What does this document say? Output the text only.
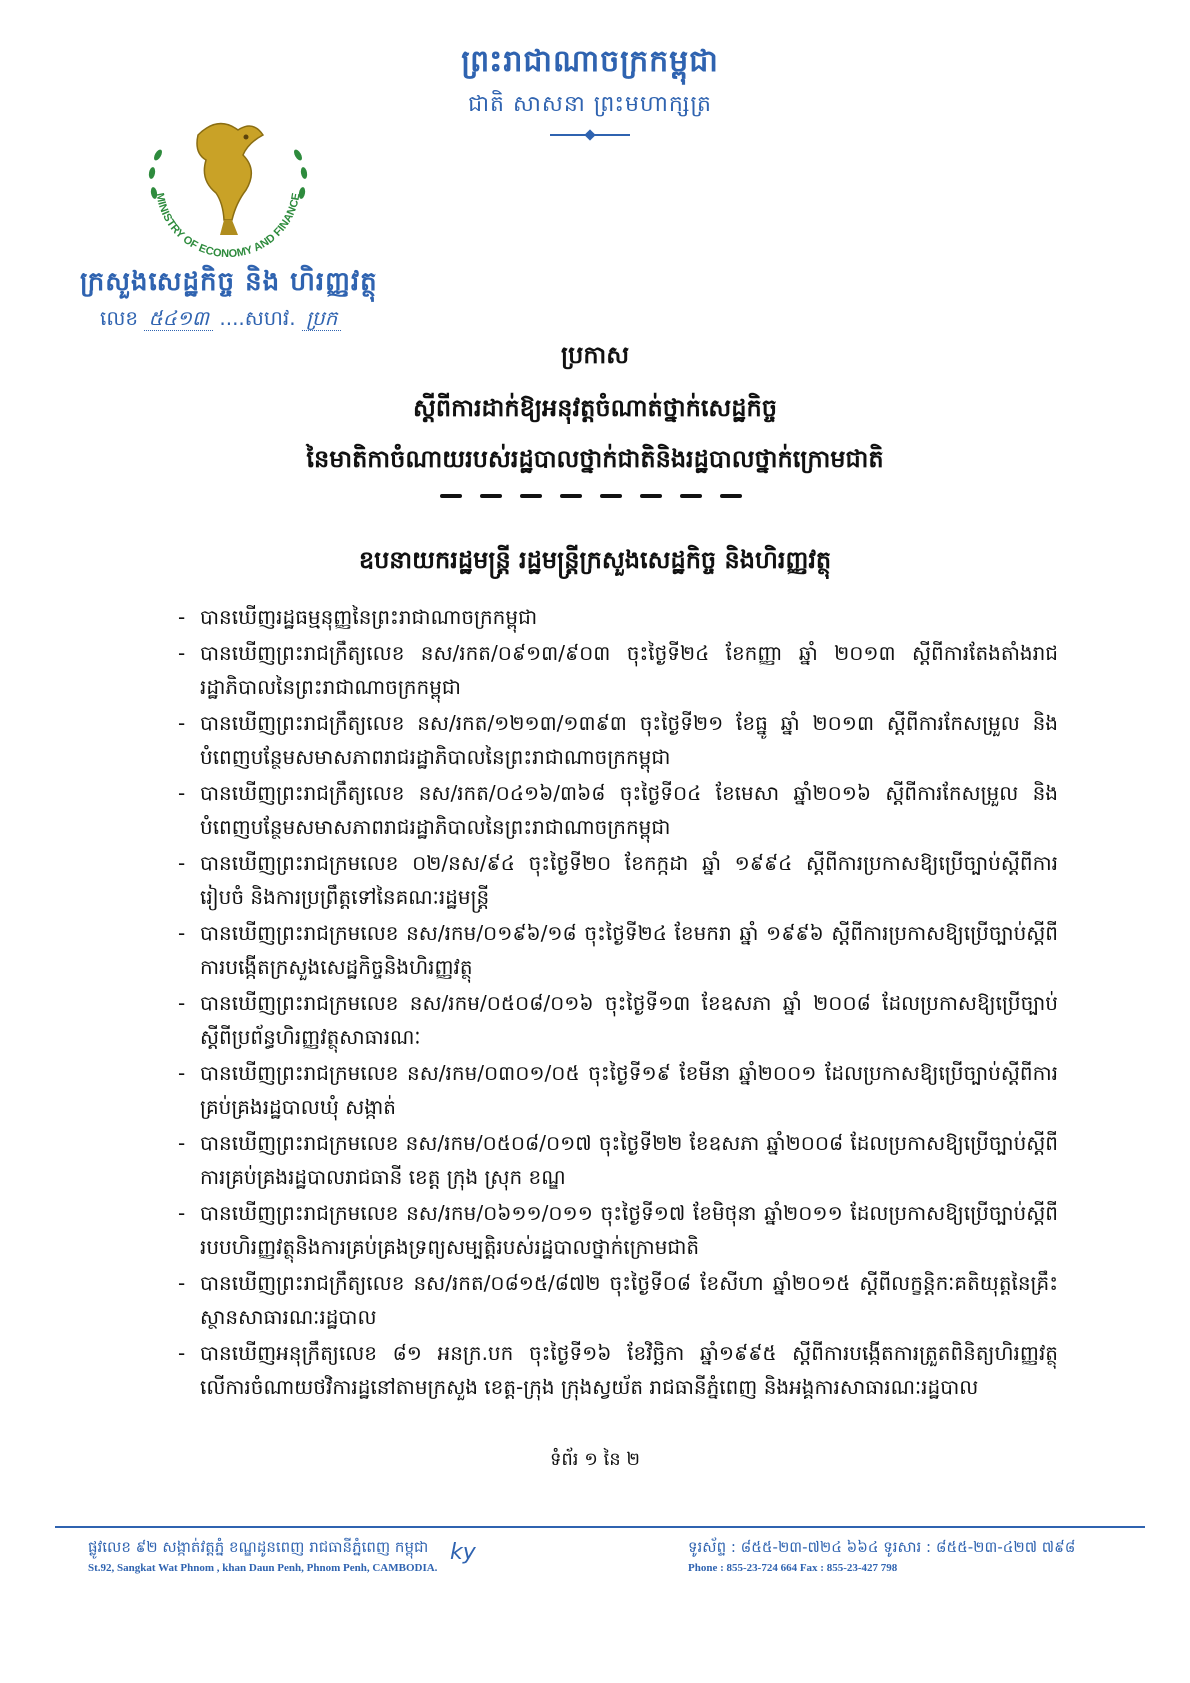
ព្រះរាជាណាចក្រកម្ពុជា
ជាតិ សាសនា ព្រះមហាក្សត្រ
MINISTRY OF ECONOMY AND FINANCE
ក្រសួងសេដ្ឋកិច្ច និង ហិរញ្ញវត្ថុ
លេខ ៥៤១៣ ....សហវ. ប្រក
ប្រកាស
ស្តីពីការដាក់ឱ្យអនុវត្តចំណាត់ថ្នាក់សេដ្ឋកិច្ច
នៃមាតិកាចំណាយរបស់រដ្ឋបាលថ្នាក់ជាតិនិងរដ្ឋបាលថ្នាក់ក្រោមជាតិ
ឧបនាយករដ្ឋមន្ត្រី រដ្ឋមន្ត្រីក្រសួងសេដ្ឋកិច្ច និងហិរញ្ញវត្ថុ
- បានឃើញរដ្ឋធម្មនុញ្ញនៃព្រះរាជាណាចក្រកម្ពុជា
- បានឃើញព្រះរាជក្រឹត្យលេខ នស/រកត/០៩១៣/៩០៣ ចុះថ្ងៃទី២៤ ខែកញ្ញា ឆ្នាំ ២០១៣ ស្តីពីការតែងតាំងរាជរដ្ឋាភិបាលនៃព្រះរាជាណាចក្រកម្ពុជា
- បានឃើញព្រះរាជក្រឹត្យលេខ នស/រកត/១២១៣/១៣៩៣ ចុះថ្ងៃទី២១ ខែធ្នូ ឆ្នាំ ២០១៣ ស្តីពីការកែសម្រួល និងបំពេញបន្ថែមសមាសភាពរាជរដ្ឋាភិបាលនៃព្រះរាជាណាចក្រកម្ពុជា
- បានឃើញព្រះរាជក្រឹត្យលេខ នស/រកត/០៤១៦/៣៦៨ ចុះថ្ងៃទី០៤ ខែមេសា ឆ្នាំ២០១៦ ស្តីពីការកែសម្រួល និងបំពេញបន្ថែមសមាសភាពរាជរដ្ឋាភិបាលនៃព្រះរាជាណាចក្រកម្ពុជា
- បានឃើញព្រះរាជក្រមលេខ ០២/នស/៩៤ ចុះថ្ងៃទី២០ ខែកក្កដា ឆ្នាំ ១៩៩៤ ស្តីពីការប្រកាសឱ្យប្រើច្បាប់ស្តីពីការរៀបចំ និងការប្រព្រឹត្តទៅនៃគណៈរដ្ឋមន្ត្រី
- បានឃើញព្រះរាជក្រមលេខ នស/រកម/០១៩៦/១៨ ចុះថ្ងៃទី២៤ ខែមករា ឆ្នាំ ១៩៩៦ ស្តីពីការប្រកាសឱ្យប្រើច្បាប់ស្តីពីការបង្កើតក្រសួងសេដ្ឋកិច្ចនិងហិរញ្ញវត្ថុ
- បានឃើញព្រះរាជក្រមលេខ នស/រកម/០៥០៨/០១៦ ចុះថ្ងៃទី១៣ ខែឧសភា ឆ្នាំ ២០០៨ ដែលប្រកាសឱ្យប្រើច្បាប់ស្តីពីប្រព័ន្ធហិរញ្ញវត្ថុសាធារណៈ
- បានឃើញព្រះរាជក្រមលេខ នស/រកម/០៣០១/០៥ ចុះថ្ងៃទី១៩ ខែមីនា ឆ្នាំ២០០១ ដែលប្រកាសឱ្យប្រើច្បាប់ស្តីពីការគ្រប់គ្រងរដ្ឋបាលឃុំ សង្កាត់
- បានឃើញព្រះរាជក្រមលេខ នស/រកម/០៥០៨/០១៧ ចុះថ្ងៃទី២២ ខែឧសភា ឆ្នាំ២០០៨ ដែលប្រកាសឱ្យប្រើច្បាប់ស្តីពី ការគ្រប់គ្រងរដ្ឋបាលរាជធានី ខេត្ត ក្រុង ស្រុក ខណ្ឌ
- បានឃើញព្រះរាជក្រមលេខ នស/រកម/០៦១១/០១១ ចុះថ្ងៃទី១៧ ខែមិថុនា ឆ្នាំ២០១១ ដែលប្រកាសឱ្យប្រើច្បាប់ស្តីពី របបហិរញ្ញវត្ថុនិងការគ្រប់គ្រងទ្រព្យសម្បត្តិរបស់រដ្ឋបាលថ្នាក់ក្រោមជាតិ
- បានឃើញព្រះរាជក្រឹត្យលេខ នស/រកត/០៨១៥/៨៧២ ចុះថ្ងៃទី០៨ ខែសីហា ឆ្នាំ២០១៥ ស្តីពីលក្ខន្តិកៈគតិយុត្តនៃគ្រឹះស្ថានសាធារណៈរដ្ឋបាល
- បានឃើញអនុក្រឹត្យលេខ ៨១ អនក្រ.បក ចុះថ្ងៃទី១៦ ខែវិច្ឆិកា ឆ្នាំ១៩៩៥ ស្តីពីការបង្កើតការត្រួតពិនិត្យហិរញ្ញវត្ថុ លើការចំណាយថវិការដ្ឋនៅតាមក្រសួង ខេត្ត-ក្រុង ក្រុងស្វយ័ត រាជធានីភ្នំពេញ និងអង្គការសាធារណៈរដ្ឋបាល
ទំព័រ ១ នៃ ២
ផ្លូវលេខ ៩២ សង្កាត់វត្តភ្នំ ខណ្ឌដូនពេញ រាជធានីភ្នំពេញ កម្ពុជា
St.92, Sangkat Wat Phnom , khan Daun Penh, Phnom Penh, CAMBODIA.
ky	ទូរស័ព្ទ : ៨៥៥-២៣-៧២៤ ៦៦៤ ទូរសារ : ៨៥៥-២៣-៤២៧ ៧៩៨
Phone : 855-23-724 664 Fax : 855-23-427 798
